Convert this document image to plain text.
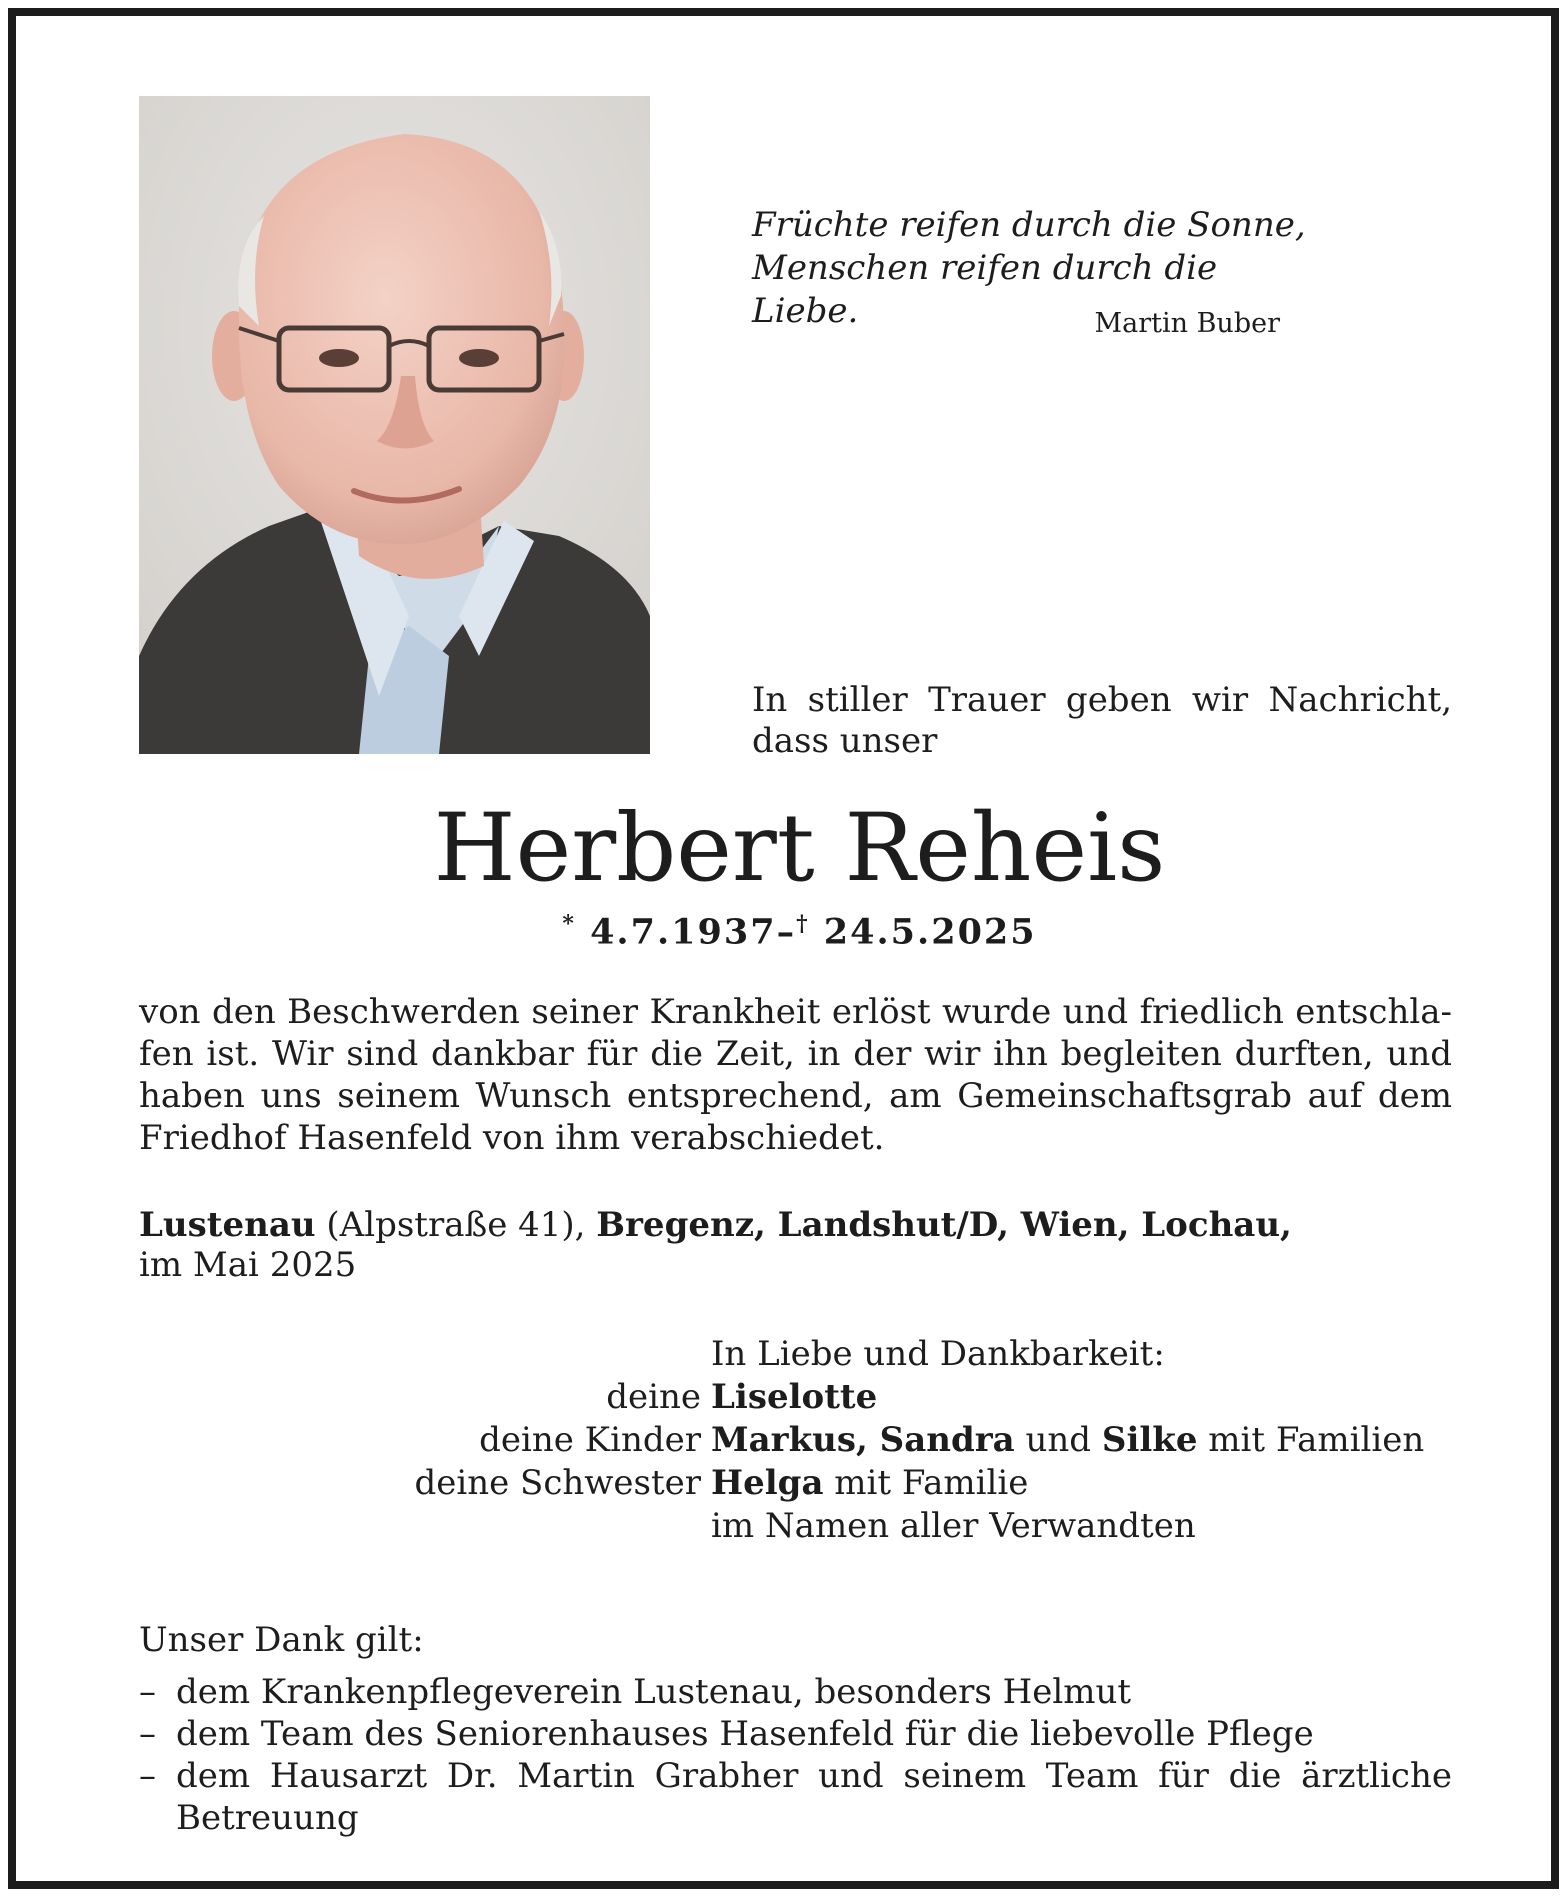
Früchte reifen durch die Sonne,
Menschen reifen durch die Liebe.	Martin Buber
In stiller Trauer geben wir Nachricht,
dass unser
Herbert Reheis
* 4.7.1937–† 24.5.2025
von den Beschwerden seiner Krankheit erlöst wurde und friedlich entschla-
fen ist. Wir sind dankbar für die Zeit, in der wir ihn begleiten durften, und
haben uns seinem Wunsch entsprechend, am Gemeinschaftsgrab auf dem
Friedhof Hasenfeld von ihm verabschiedet.
Lustenau (Alpstraße 41), Bregenz, Landshut/D, Wien, Lochau,
im Mai 2025
In Liebe und Dankbarkeit:
deine Liselotte
deine Kinder Markus, Sandra und Silke mit Familien
deine Schwester Helga mit Familie
im Namen aller Verwandten
Unser Dank gilt:
– dem Krankenpflegeverein Lustenau, besonders Helmut
– dem Team des Seniorenhauses Hasenfeld für die liebevolle Pflege
– dem Hausarzt Dr. Martin Grabher und seinem Team für die ärztliche
Betreuung
